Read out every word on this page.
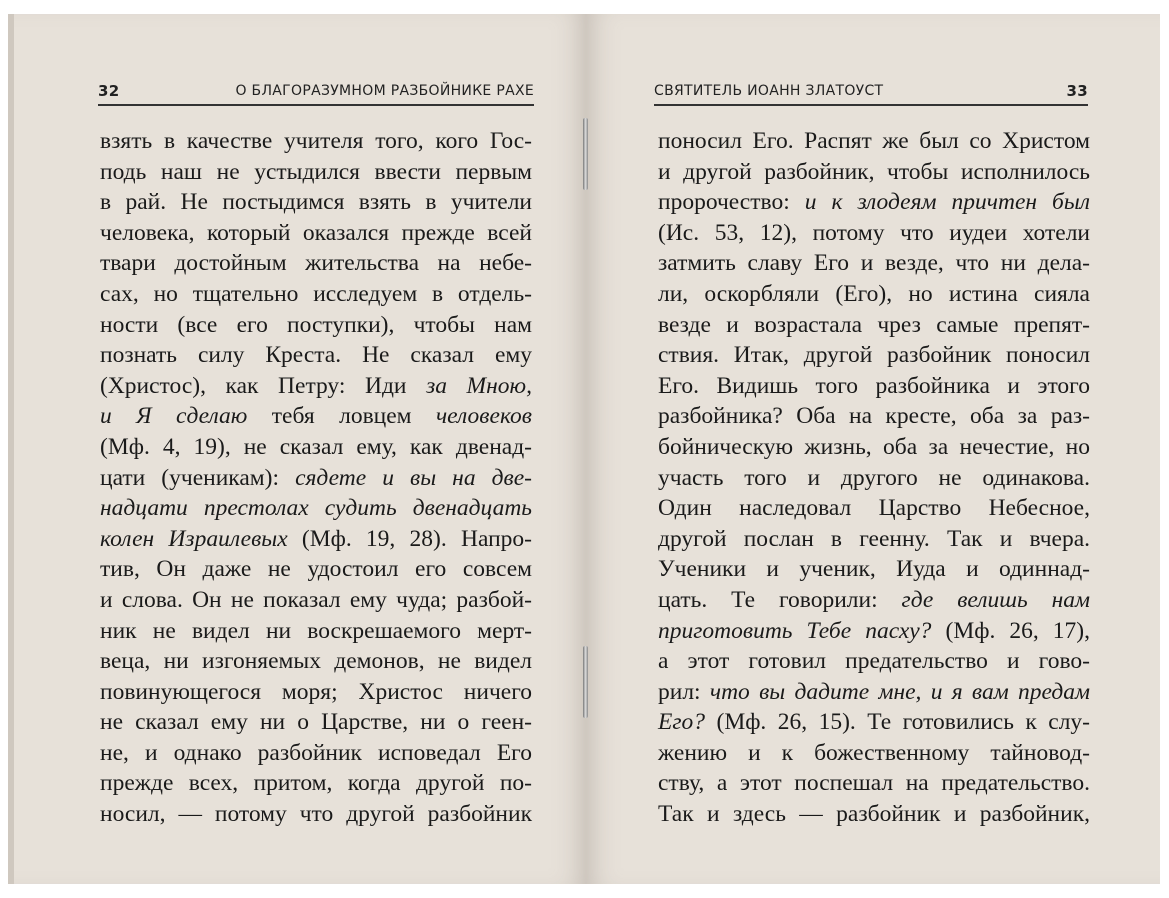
32	О БЛАГОРАЗУМНОМ РАЗБОЙНИКЕ РАХЕ
взять в качестве учителя того, кого Гос-
подь наш не устыдился ввести первым
в рай. Не постыдимся взять в учители
человека, который оказался прежде всей
твари достойным жительства на небе-
сах, но тщательно исследуем в отдель-
ности (все его поступки), чтобы нам
познать силу Креста. Не сказал ему
(Христос), как Петру: Иди за Мною,
и Я сделаю тебя ловцем человеков
(Мф. 4, 19), не сказал ему, как двенад-
цати (ученикам): сядете и вы на две-
надцати престолах судить двенадцать
колен Израилевых (Мф. 19, 28). Напро-
тив, Он даже не удостоил его совсем
и слова. Он не показал ему чуда; разбой-
ник не видел ни воскрешаемого мерт-
веца, ни изгоняемых демонов, не видел
повинующегося моря; Христос ничего
не сказал ему ни о Царстве, ни о геен-
не, и однако разбойник исповедал Его
прежде всех, притом, когда другой по-
носил, — потому что другой разбойник
СВЯТИТЕЛЬ ИОАНН ЗЛАТОУСТ	33
поносил Его. Распят же был со Христом
и другой разбойник, чтобы исполнилось
пророчество: и к злодеям причтен был
(Ис. 53, 12), потому что иудеи хотели
затмить славу Его и везде, что ни дела-
ли, оскорбляли (Его), но истина сияла
везде и возрастала чрез самые препят-
ствия. Итак, другой разбойник поносил
Его. Видишь того разбойника и этого
разбойника? Оба на кресте, оба за раз-
бойническую жизнь, оба за нечестие, но
участь того и другого не одинакова.
Один наследовал Царство Небесное,
другой послан в геенну. Так и вчера.
Ученики и ученик, Иуда и одиннад-
цать. Те говорили: где велишь нам
приготовить Тебе пасху? (Мф. 26, 17),
а этот готовил предательство и гово-
рил: что вы дадите мне, и я вам предам
Его? (Мф. 26, 15). Те готовились к слу-
жению и к божественному тайновод-
ству, а этот поспешал на предательство.
Так и здесь — разбойник и разбойник,
